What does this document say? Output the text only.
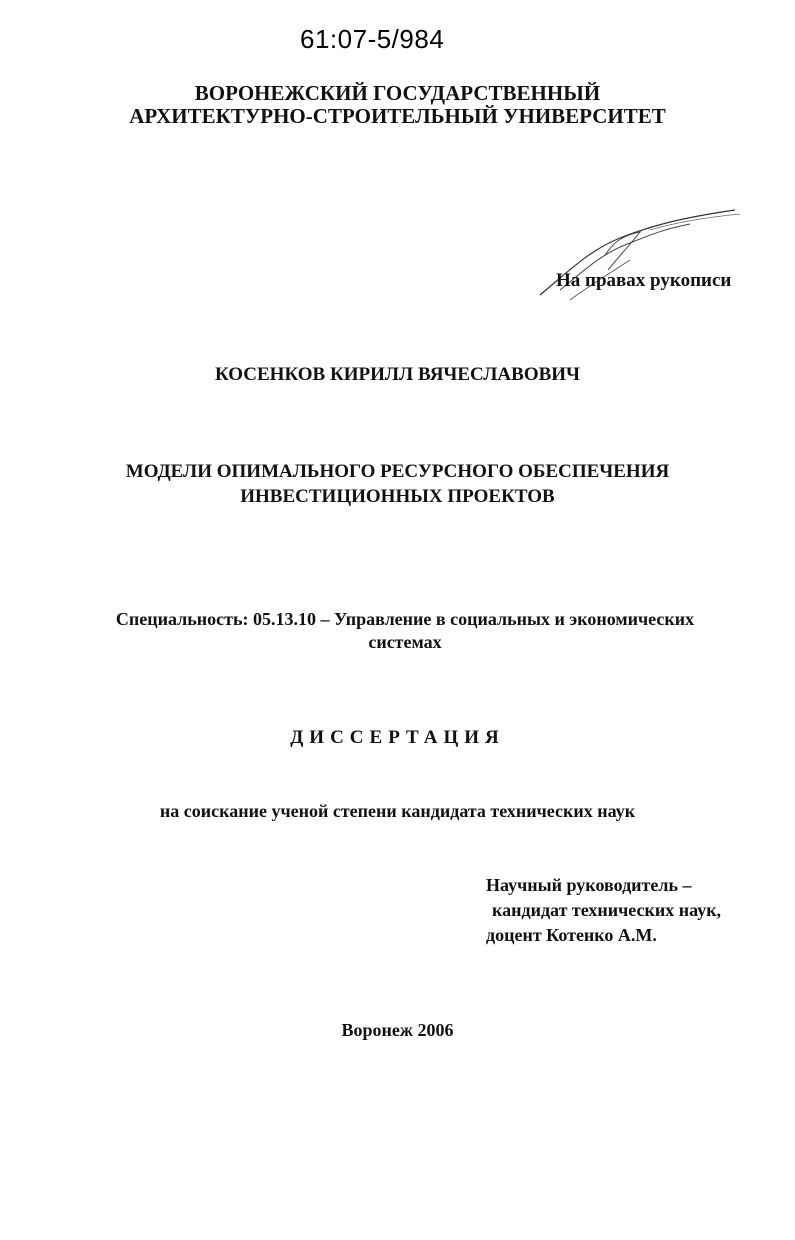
61:07-5/984
ВОРОНЕЖСКИЙ ГОСУДАРСТВЕННЫЙ
АРХИТЕКТУРНО-СТРОИТЕЛЬНЫЙ УНИВЕРСИТЕТ
На правах рукописи
КОСЕНКОВ КИРИЛЛ ВЯЧЕСЛАВОВИЧ
МОДЕЛИ ОПИМАЛЬНОГО РЕСУРСНОГО ОБЕСПЕЧЕНИЯ
ИНВЕСТИЦИОННЫХ ПРОЕКТОВ
Специальность: 05.13.10 – Управление в социальных и экономических
системах
ДИССЕРТАЦИЯ
на соискание ученой степени кандидата технических наук
Научный руководитель –
кандидат технических наук,
доцент Котенко А.М.
Воронеж 2006
